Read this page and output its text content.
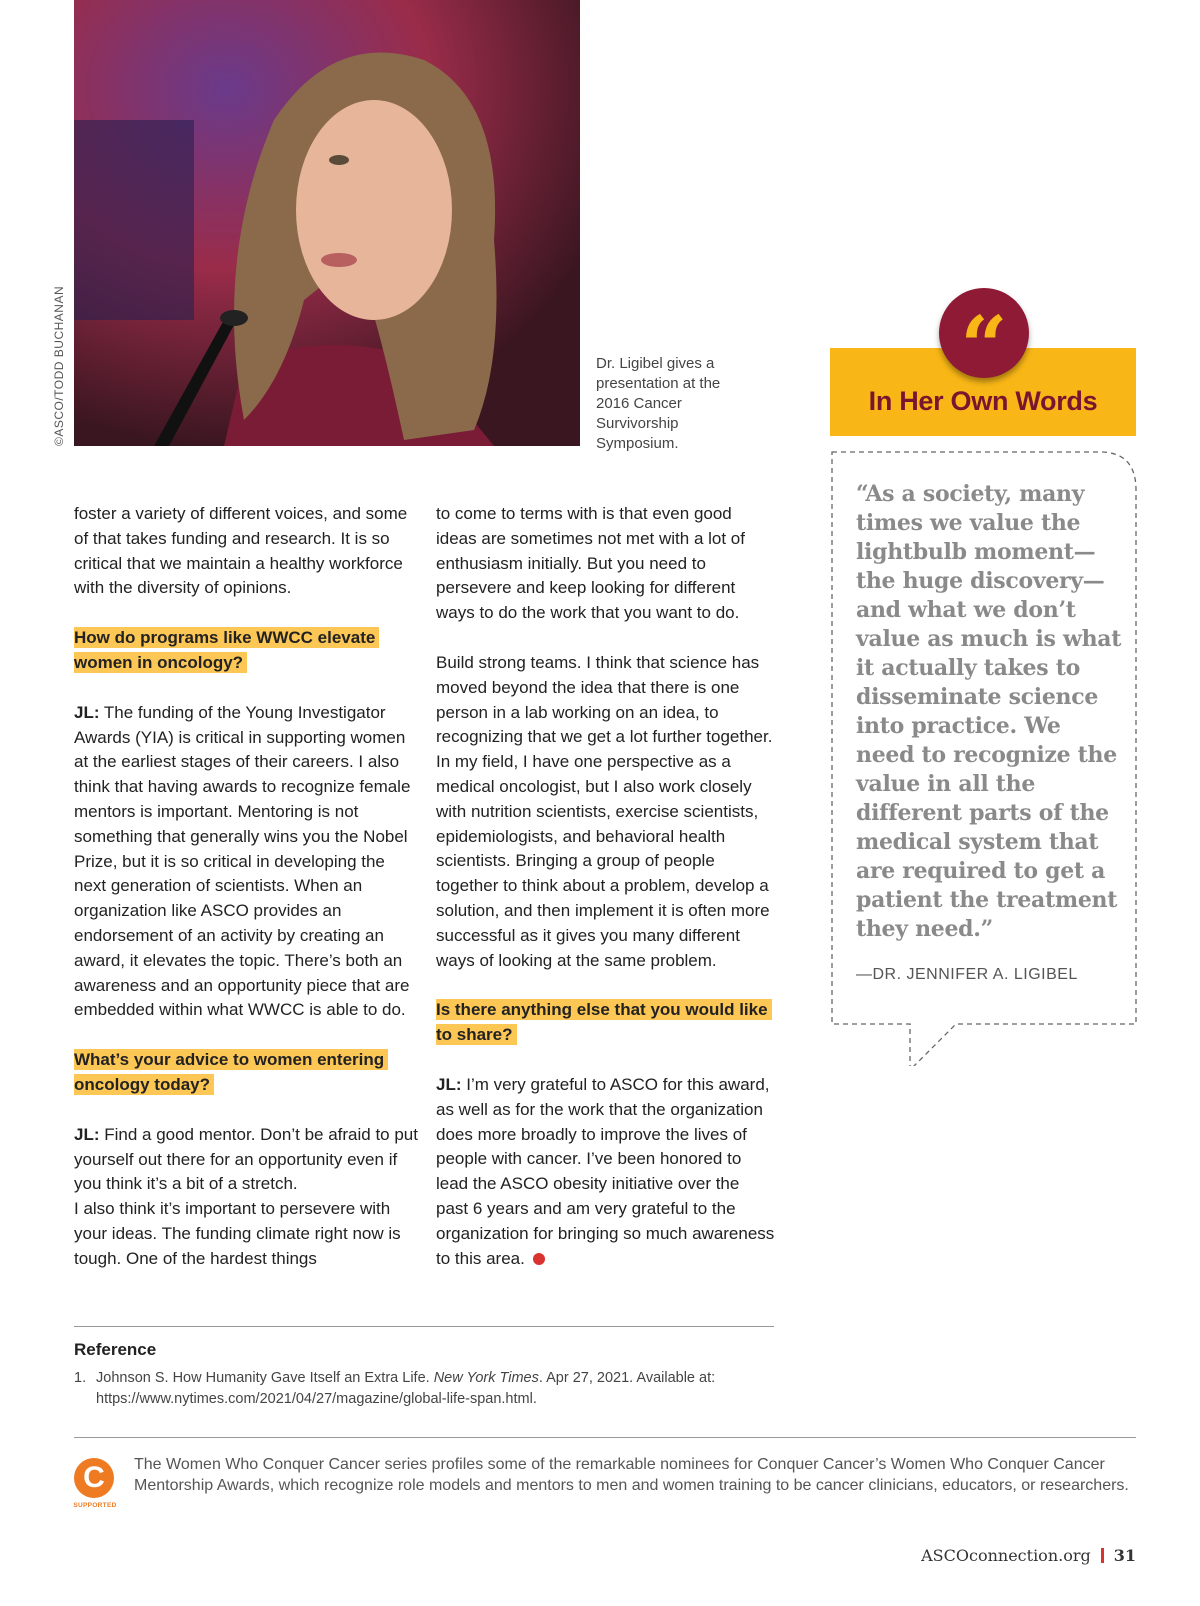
©ASCO/TODD BUCHANAN	Dr. Ligibel gives a presentation at the 2016 Cancer Survivorship Symposium.

foster a variety of different voices, and some of that takes funding and research. It is so critical that we maintain a healthy workforce with the diversity of opinions.

How do programs like WWCC elevate women in oncology?

JL: The funding of the Young Investigator Awards (YIA) is critical in supporting women at the earliest stages of their careers. I also think that having awards to recognize female mentors is important. Mentoring is not something that generally wins you the Nobel Prize, but it is so critical in developing the next generation of scientists. When an organization like ASCO provides an endorsement of an activity by creating an award, it elevates the topic. There’s both an awareness and an opportunity piece that are embedded within what WWCC is able to do.

What’s your advice to women entering oncology today?

JL: Find a good mentor. Don’t be afraid to put yourself out there for an opportunity even if you think it’s a bit of a stretch.

I also think it’s important to persevere with your ideas. The funding climate right now is tough. One of the hardest things

to come to terms with is that even good ideas are sometimes not met with a lot of enthusiasm initially. But you need to persevere and keep looking for different ways to do the work that you want to do.

Build strong teams. I think that science has moved beyond the idea that there is one person in a lab working on an idea, to recognizing that we get a lot further together. In my field, I have one perspective as a medical oncologist, but I also work closely with nutrition scientists, exercise scientists, epidemiologists, and behavioral health scientists. Bringing a group of people together to think about a problem, develop a solution, and then implement it is often more successful as it gives you many different ways of looking at the same problem.

Is there anything else that you would like to share?

JL: I’m very grateful to ASCO for this award, as well as for the work that the organization does more broadly to improve the lives of people with cancer. I’ve been honored to lead the ASCO obesity initiative over the past 6 years and am very grateful to the organization for bringing so much awareness to this area.

“
In Her Own Words
“As a society, many times we value the lightbulb moment—the huge discovery—and what we don’t value as much is what it actually takes to disseminate science into practice. We need to recognize the value in all the different parts of the medical system that are required to get a patient the treatment they need.”
—DR. JENNIFER A. LIGIBEL
Reference
1. Johnson S. How Humanity Gave Itself an Extra Life. New York Times. Apr 27, 2021. Available at: https://www.nytimes.com/2021/04/27/magazine/global-life-span.html.
C
SUPPORTED
The Women Who Conquer Cancer series profiles some of the remarkable nominees for Conquer Cancer’s Women Who Conquer Cancer Mentorship Awards, which recognize role models and mentors to men and women training to be cancer clinicians, educators, or researchers.
ASCOconnection.org 31
